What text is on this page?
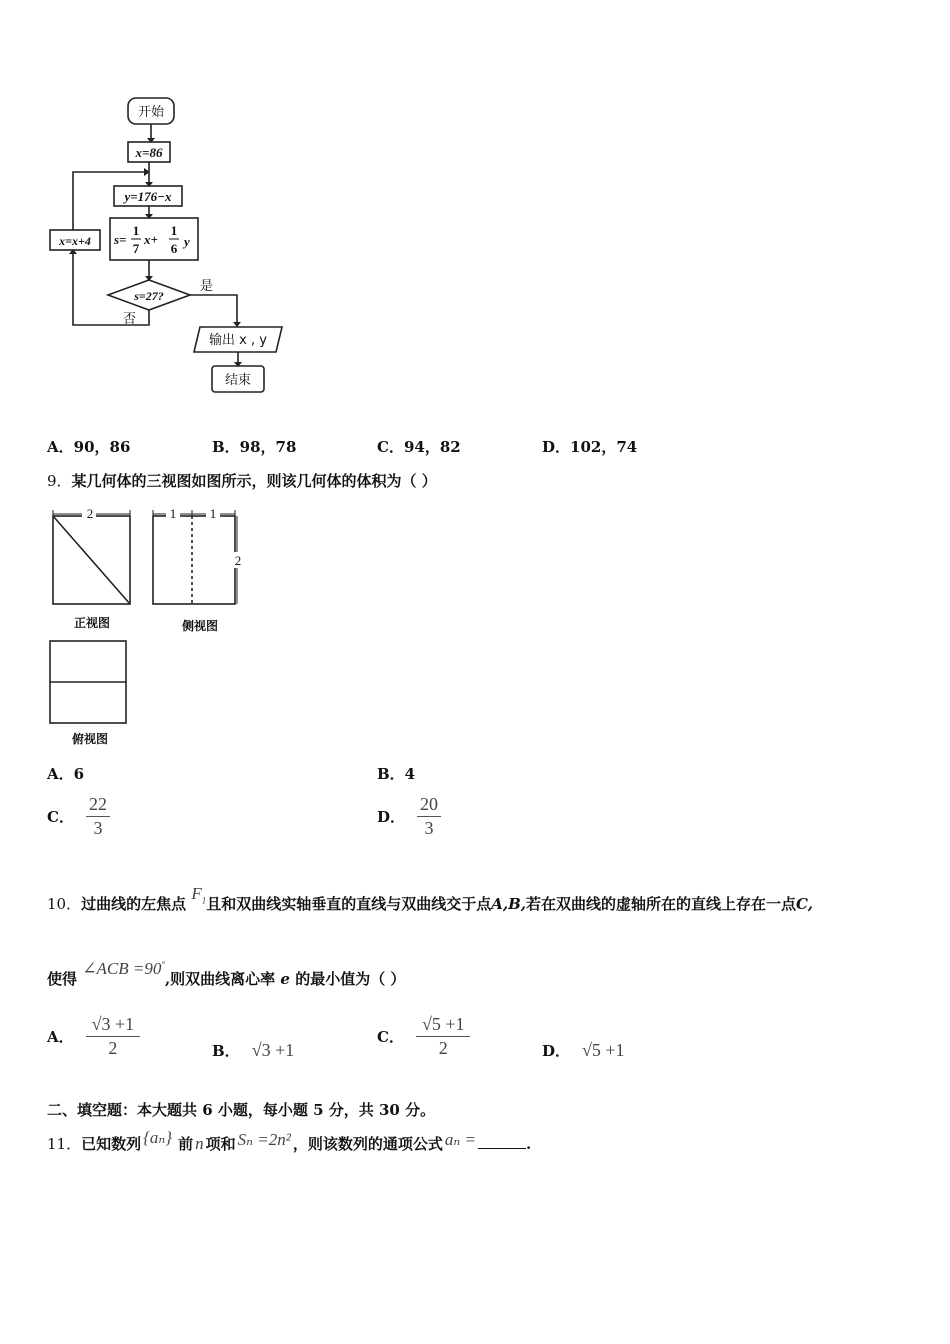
开始
x=86
y=176−x
s=
1
7
x+
1
6 y
s=27?
是
否
x=x+4
输出 x , y
结束
A．90，86	B．98，78	C．94，82	D．102，74
9．某几何体的三视图如图所示，则该几何体的体积为（ ）
2	1	1
2
正视图	侧视图
俯视图
A．6	B．4
C． $\frac{22}{3}$	D． $\frac{20}{3}$
10．过曲线的左焦点 $F_1$且和双曲线实轴垂直的直线与双曲线交于点A,B,若在双曲线的虚轴所在的直线上存在一点C,
使得 ∠ACB =90°,则双曲线离心率 e 的最小值为（ ）
A． $\frac{√3 +1}{2}$	B． √3 +1
C． $\frac{√5 +1}{2}$	D． √5 +1
二、填空题：本大题共 6 小题，每小题 5 分，共 30 分。
11． 已知数列 {aₙ} 前 n 项和 Sₙ =2n² ，则该数列的通项公式 aₙ =	.
